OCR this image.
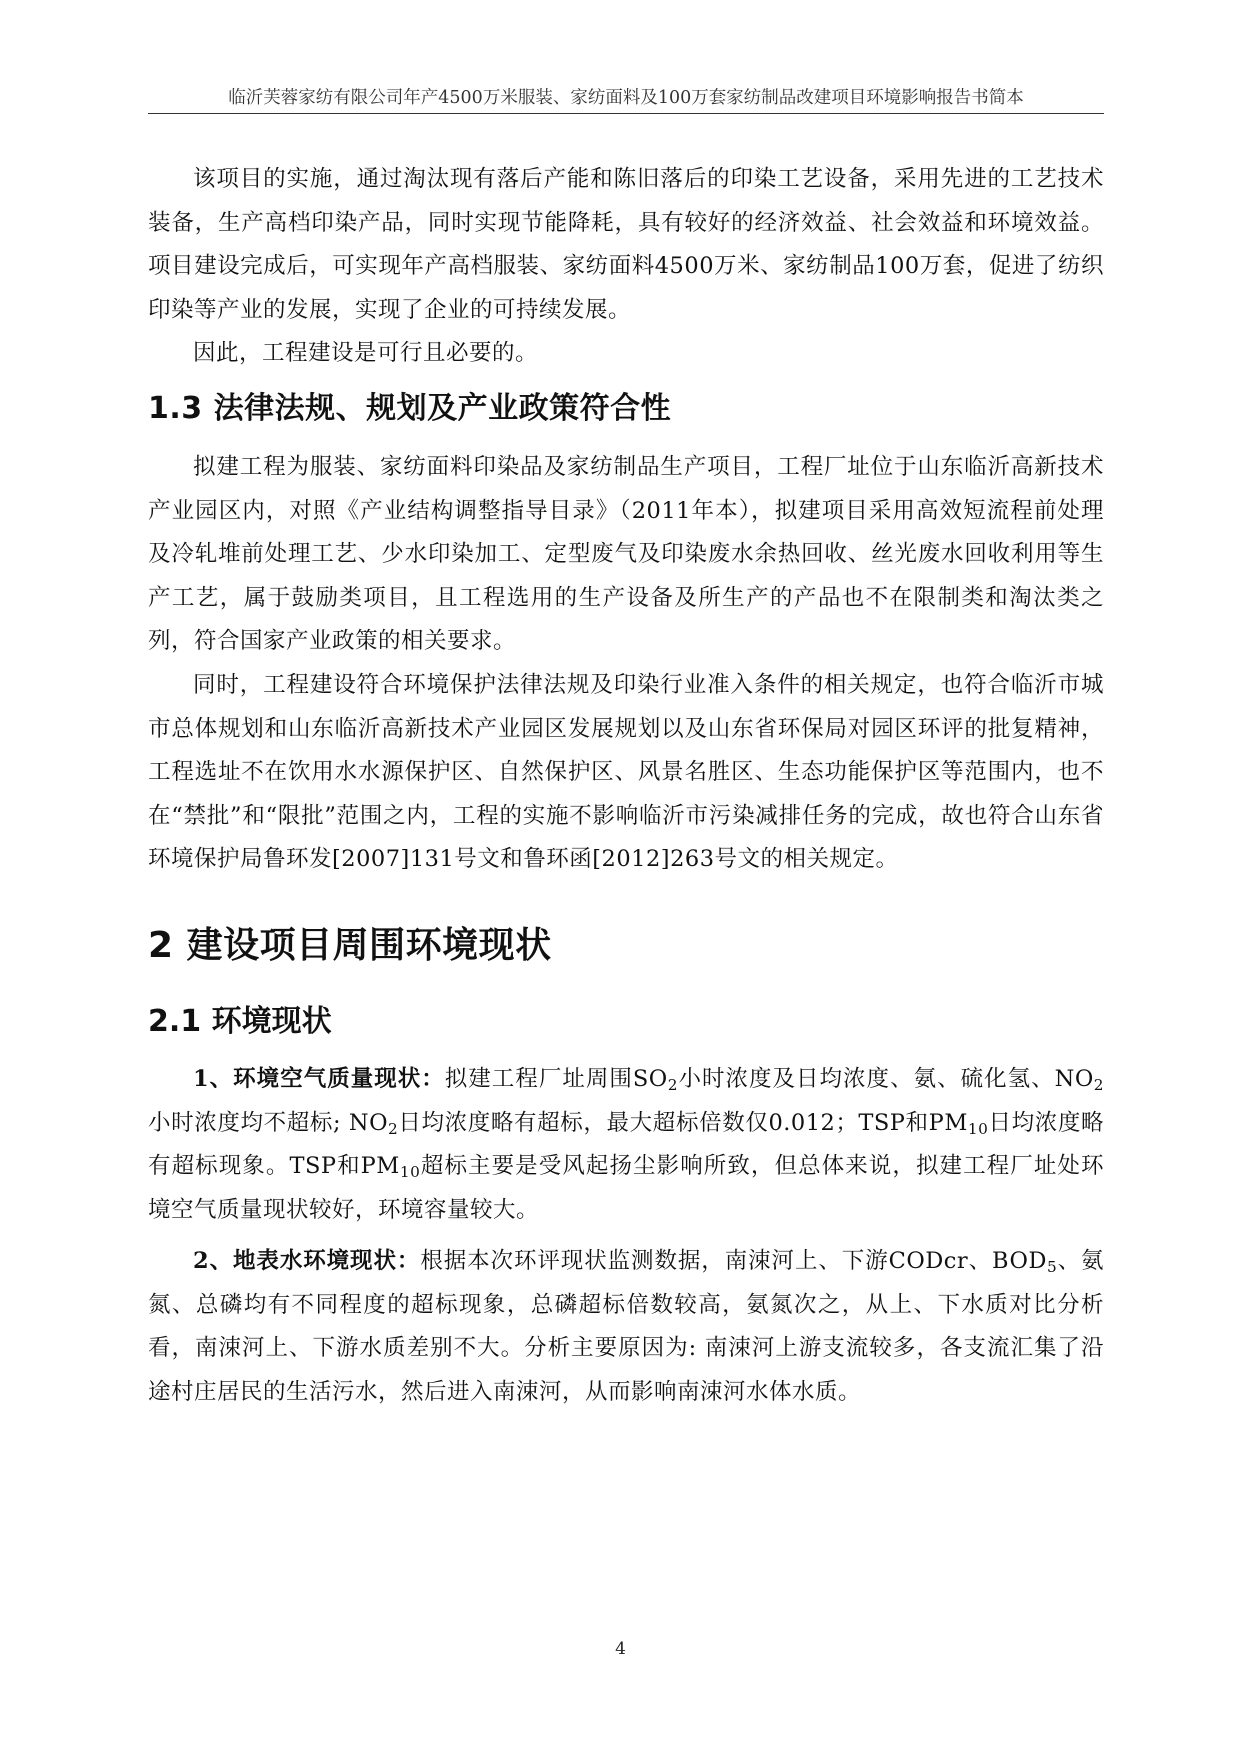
临沂芙蓉家纺有限公司年产4500万米服装、家纺面料及100万套家纺制品改建项目环境影响报告书简本

该项目的实施，通过淘汰现有落后产能和陈旧落后的印染工艺设备，采用先进的工艺技术装备，生产高档印染产品，同时实现节能降耗，具有较好的经济效益、社会效益和环境效益。项目建设完成后，可实现年产高档服装、家纺面料4500万米、家纺制品100万套，促进了纺织印染等产业的发展，实现了企业的可持续发展。

因此，工程建设是可行且必要的。

1.3 法律法规、规划及产业政策符合性

拟建工程为服装、家纺面料印染品及家纺制品生产项目，工程厂址位于山东临沂高新技术产业园区内，对照《产业结构调整指导目录》（2011年本），拟建项目采用高效短流程前处理及冷轧堆前处理工艺、少水印染加工、定型废气及印染废水余热回收、丝光废水回收利用等生产工艺，属于鼓励类项目，且工程选用的生产设备及所生产的产品也不在限制类和淘汰类之列，符合国家产业政策的相关要求。

同时，工程建设符合环境保护法律法规及印染行业准入条件的相关规定，也符合临沂市城市总体规划和山东临沂高新技术产业园区发展规划以及山东省环保局对园区环评的批复精神，工程选址不在饮用水水源保护区、自然保护区、风景名胜区、生态功能保护区等范围内，也不在“禁批”和“限批”范围之内，工程的实施不影响临沂市污染减排任务的完成，故也符合山东省环境保护局鲁环发[2007]131号文和鲁环函[2012]263号文的相关规定。

2 建设项目周围环境现状
2.1 环境现状

1、环境空气质量现状：拟建工程厂址周围$SO_2$小时浓度及日均浓度、氨、硫化氢、$NO_2$小时浓度均不超标; $NO_2$日均浓度略有超标，最大超标倍数仅0.012；TSP和$PM_{10}$日均浓度略有超标现象。TSP和$PM_{10}$超标主要是受风起扬尘影响所致，但总体来说，拟建工程厂址处环境空气质量现状较好，环境容量较大。

2、地表水环境现状：根据本次环评现状监测数据，南涑河上、下游CODcr、$BOD_5$、氨氮、总磷均有不同程度的超标现象，总磷超标倍数较高，氨氮次之，从上、下水质对比分析看，南涑河上、下游水质差别不大。分析主要原因为: 南涑河上游支流较多，各支流汇集了沿途村庄居民的生活污水，然后进入南涑河，从而影响南涑河水体水质。

4
